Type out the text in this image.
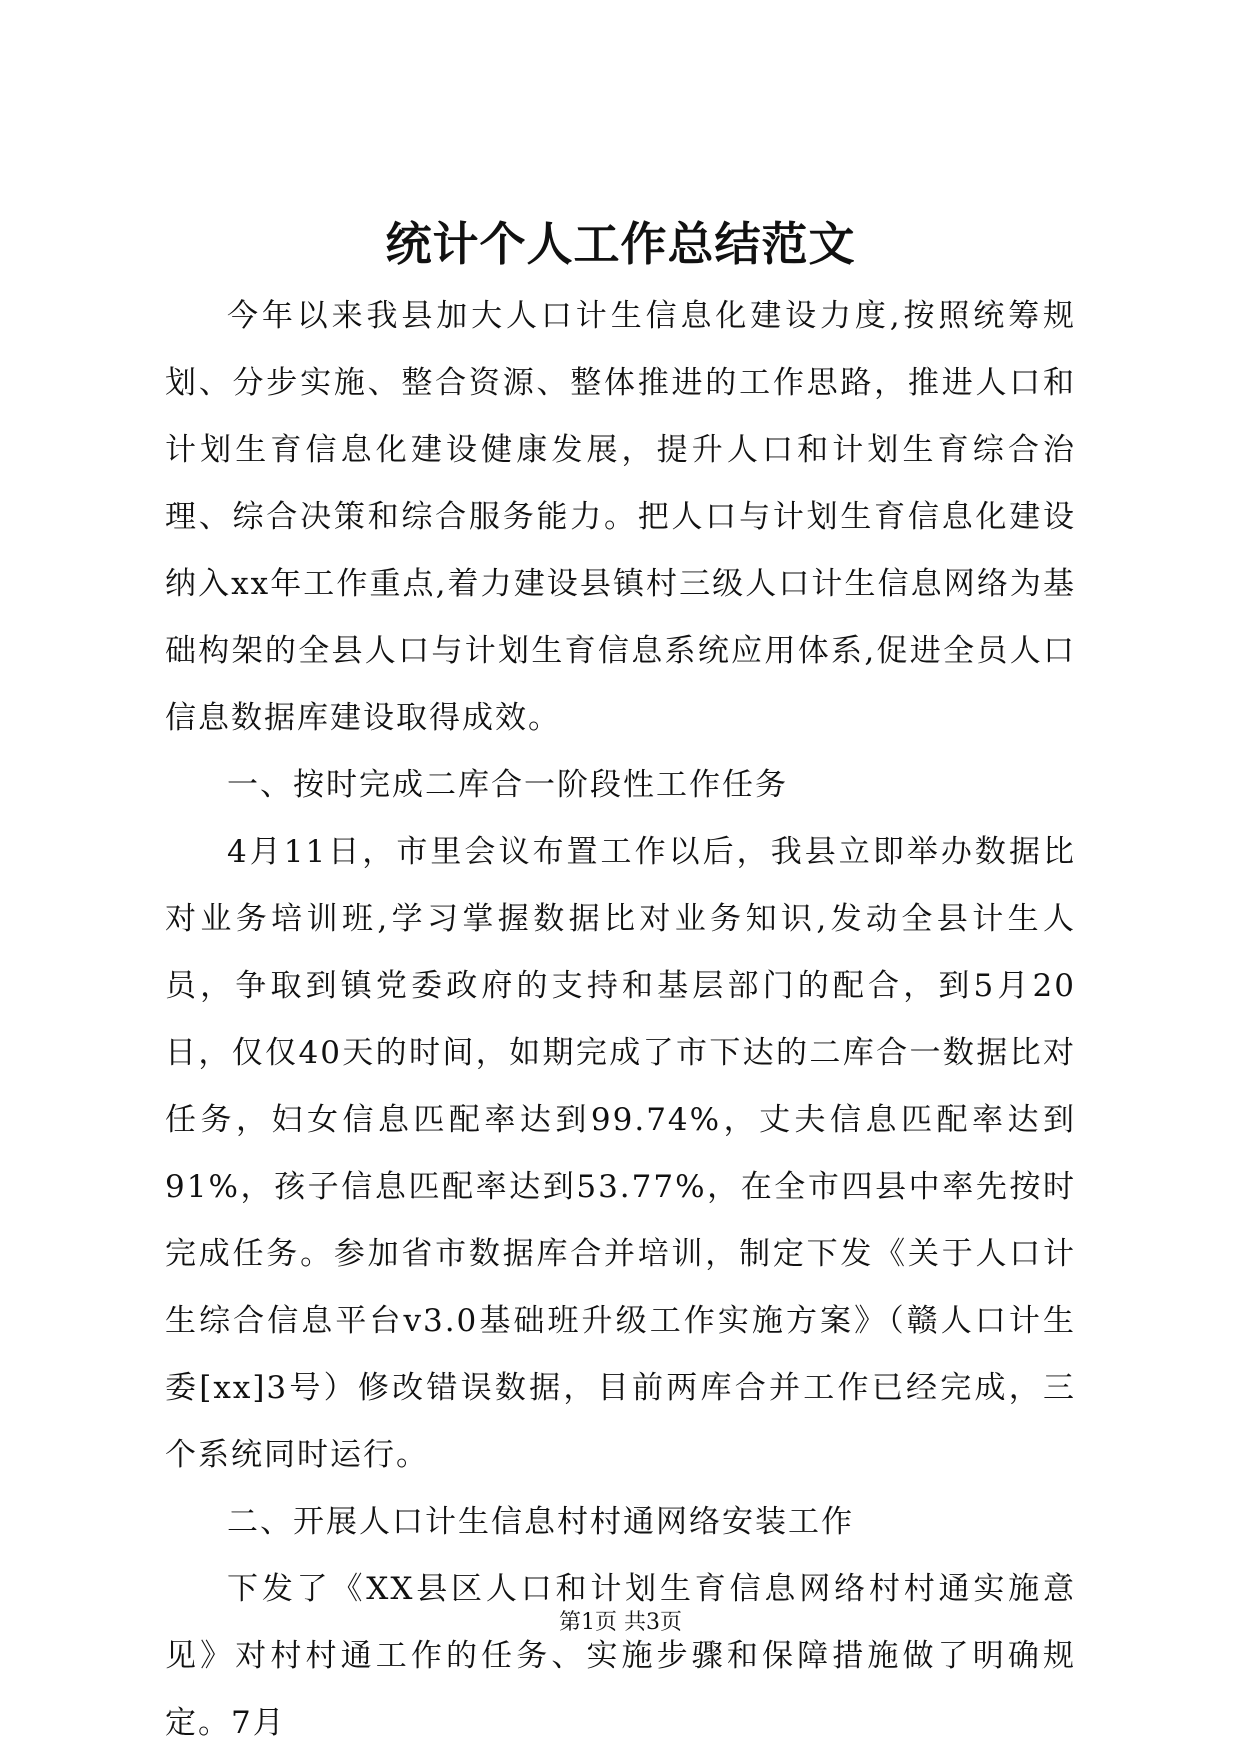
统计个人工作总结范文

今年以来我县加大人口计生信息化建设力度,按照统筹规划、分步实施、整合资源、整体推进的工作思路，推进人口和计划生育信息化建设健康发展，提升人口和计划生育综合治理、综合决策和综合服务能力。把人口与计划生育信息化建设纳入xx年工作重点,着力建设县镇村三级人口计生信息网络为基础构架的全县人口与计划生育信息系统应用体系,促进全员人口信息数据库建设取得成效。

一、按时完成二库合一阶段性工作任务

4月11日，市里会议布置工作以后，我县立即举办数据比对业务培训班,学习掌握数据比对业务知识,发动全县计生人员，争取到镇党委政府的支持和基层部门的配合，到5月20日，仅仅40天的时间，如期完成了市下达的二库合一数据比对任务，妇女信息匹配率达到99.74%，丈夫信息匹配率达到91%，孩子信息匹配率达到53.77%，在全市四县中率先按时完成任务。参加省市数据库合并培训，制定下发《关于人口计生综合信息平台v3.0基础班升级工作实施方案》（赣人口计生委[xx]3号）修改错误数据，目前两库合并工作已经完成，三个系统同时运行。

二、开展人口计生信息村村通网络安装工作

下发了《XX县区人口和计划生育信息网络村村通实施意见》对村村通工作的任务、实施步骤和保障措施做了明确规定。7月

第1页 共3页
